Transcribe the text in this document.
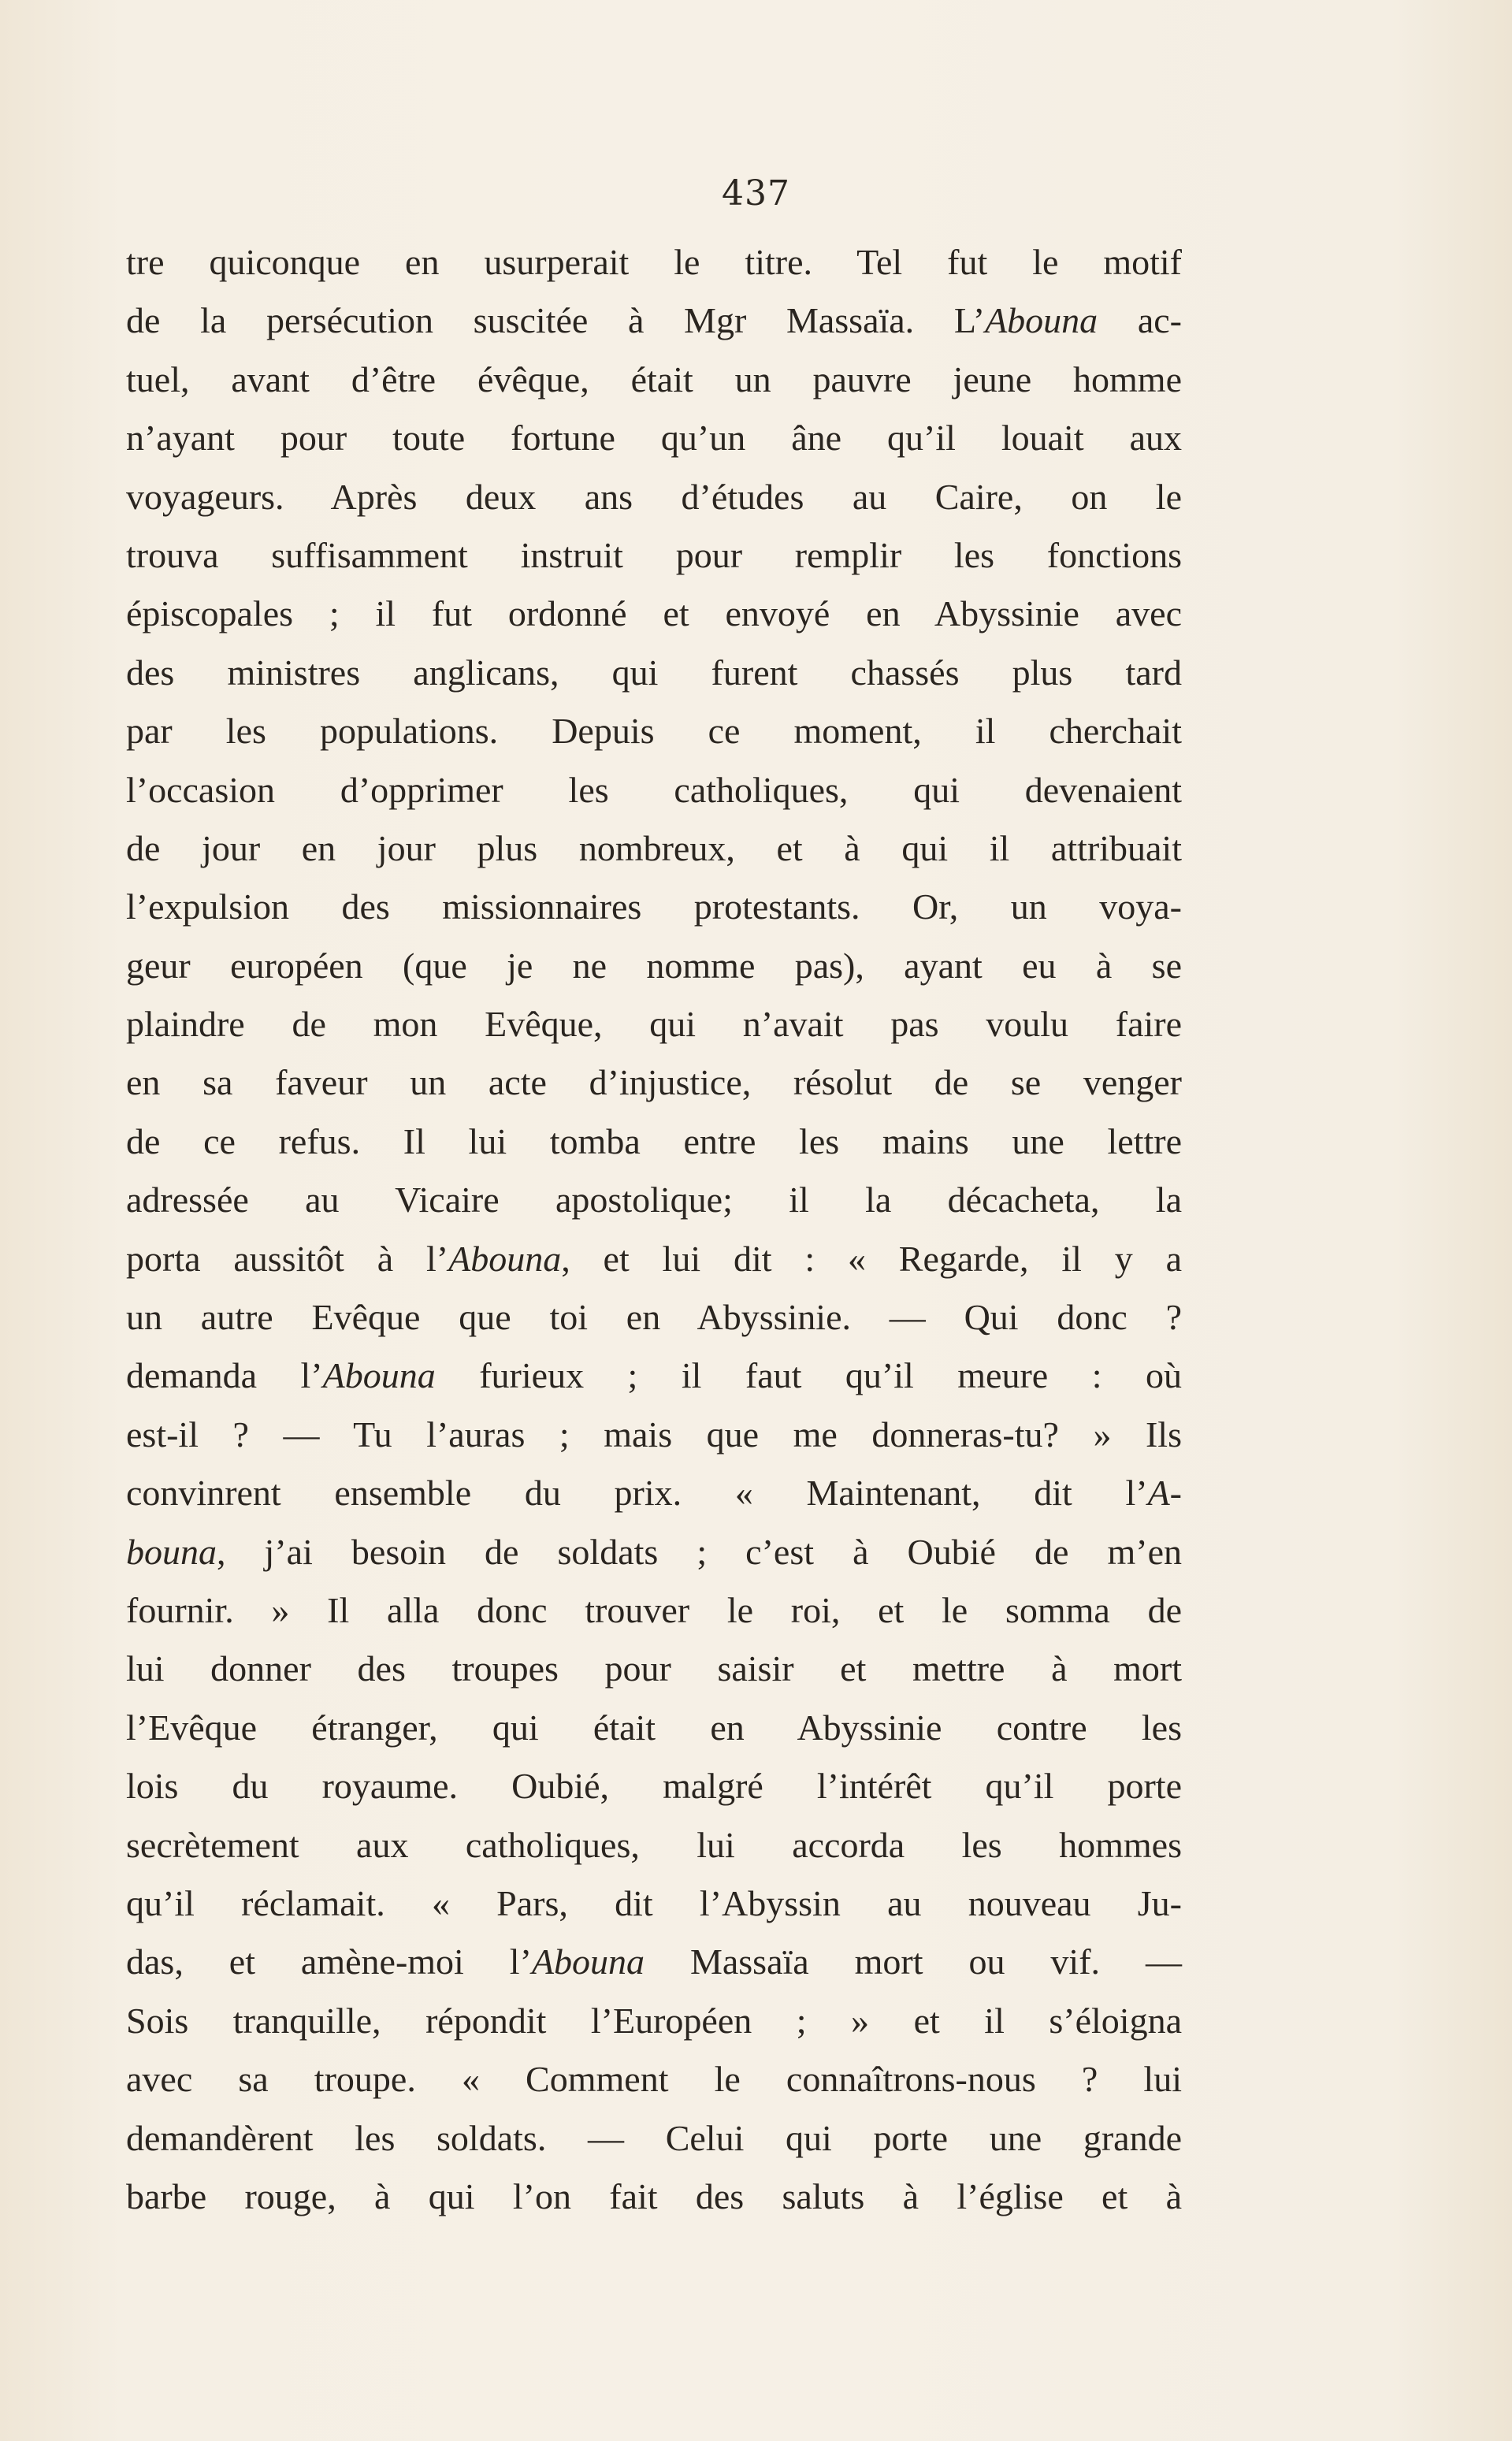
437
tre quiconque en usurperait le titre. Tel fut le motif
de la persécution suscitée à Mgr Massaïa. L’Abouna ac-
tuel, avant d’être évêque, était un pauvre jeune homme
n’ayant pour toute fortune qu’un âne qu’il louait aux
voyageurs. Après deux ans d’études au Caire, on le
trouva suffisamment instruit pour remplir les fonctions
épiscopales ; il fut ordonné et envoyé en Abyssinie avec
des ministres anglicans, qui furent chassés plus tard
par les populations. Depuis ce moment, il cherchait
l’occasion d’opprimer les catholiques, qui devenaient
de jour en jour plus nombreux, et à qui il attribuait
l’expulsion des missionnaires protestants. Or, un voya-
geur européen (que je ne nomme pas), ayant eu à se
plaindre de mon Evêque, qui n’avait pas voulu faire
en sa faveur un acte d’injustice, résolut de se venger
de ce refus. Il lui tomba entre les mains une lettre
adressée au Vicaire apostolique; il la décacheta, la
porta aussitôt à l’Abouna, et lui dit : « Regarde, il y a
un autre Evêque que toi en Abyssinie. — Qui donc ?
demanda l’Abouna furieux ; il faut qu’il meure : où
est-il ? — Tu l’auras ; mais que me donneras-tu? » Ils
convinrent ensemble du prix. « Maintenant, dit l’A-
bouna, j’ai besoin de soldats ; c’est à Oubié de m’en
fournir. » Il alla donc trouver le roi, et le somma de
lui donner des troupes pour saisir et mettre à mort
l’Evêque étranger, qui était en Abyssinie contre les
lois du royaume. Oubié, malgré l’intérêt qu’il porte
secrètement aux catholiques, lui accorda les hommes
qu’il réclamait. « Pars, dit l’Abyssin au nouveau Ju-
das, et amène-moi l’Abouna Massaïa mort ou vif. —
Sois tranquille, répondit l’Européen ; » et il s’éloigna
avec sa troupe. « Comment le connaîtrons-nous ? lui
demandèrent les soldats. — Celui qui porte une grande
barbe rouge, à qui l’on fait des saluts à l’église et à
